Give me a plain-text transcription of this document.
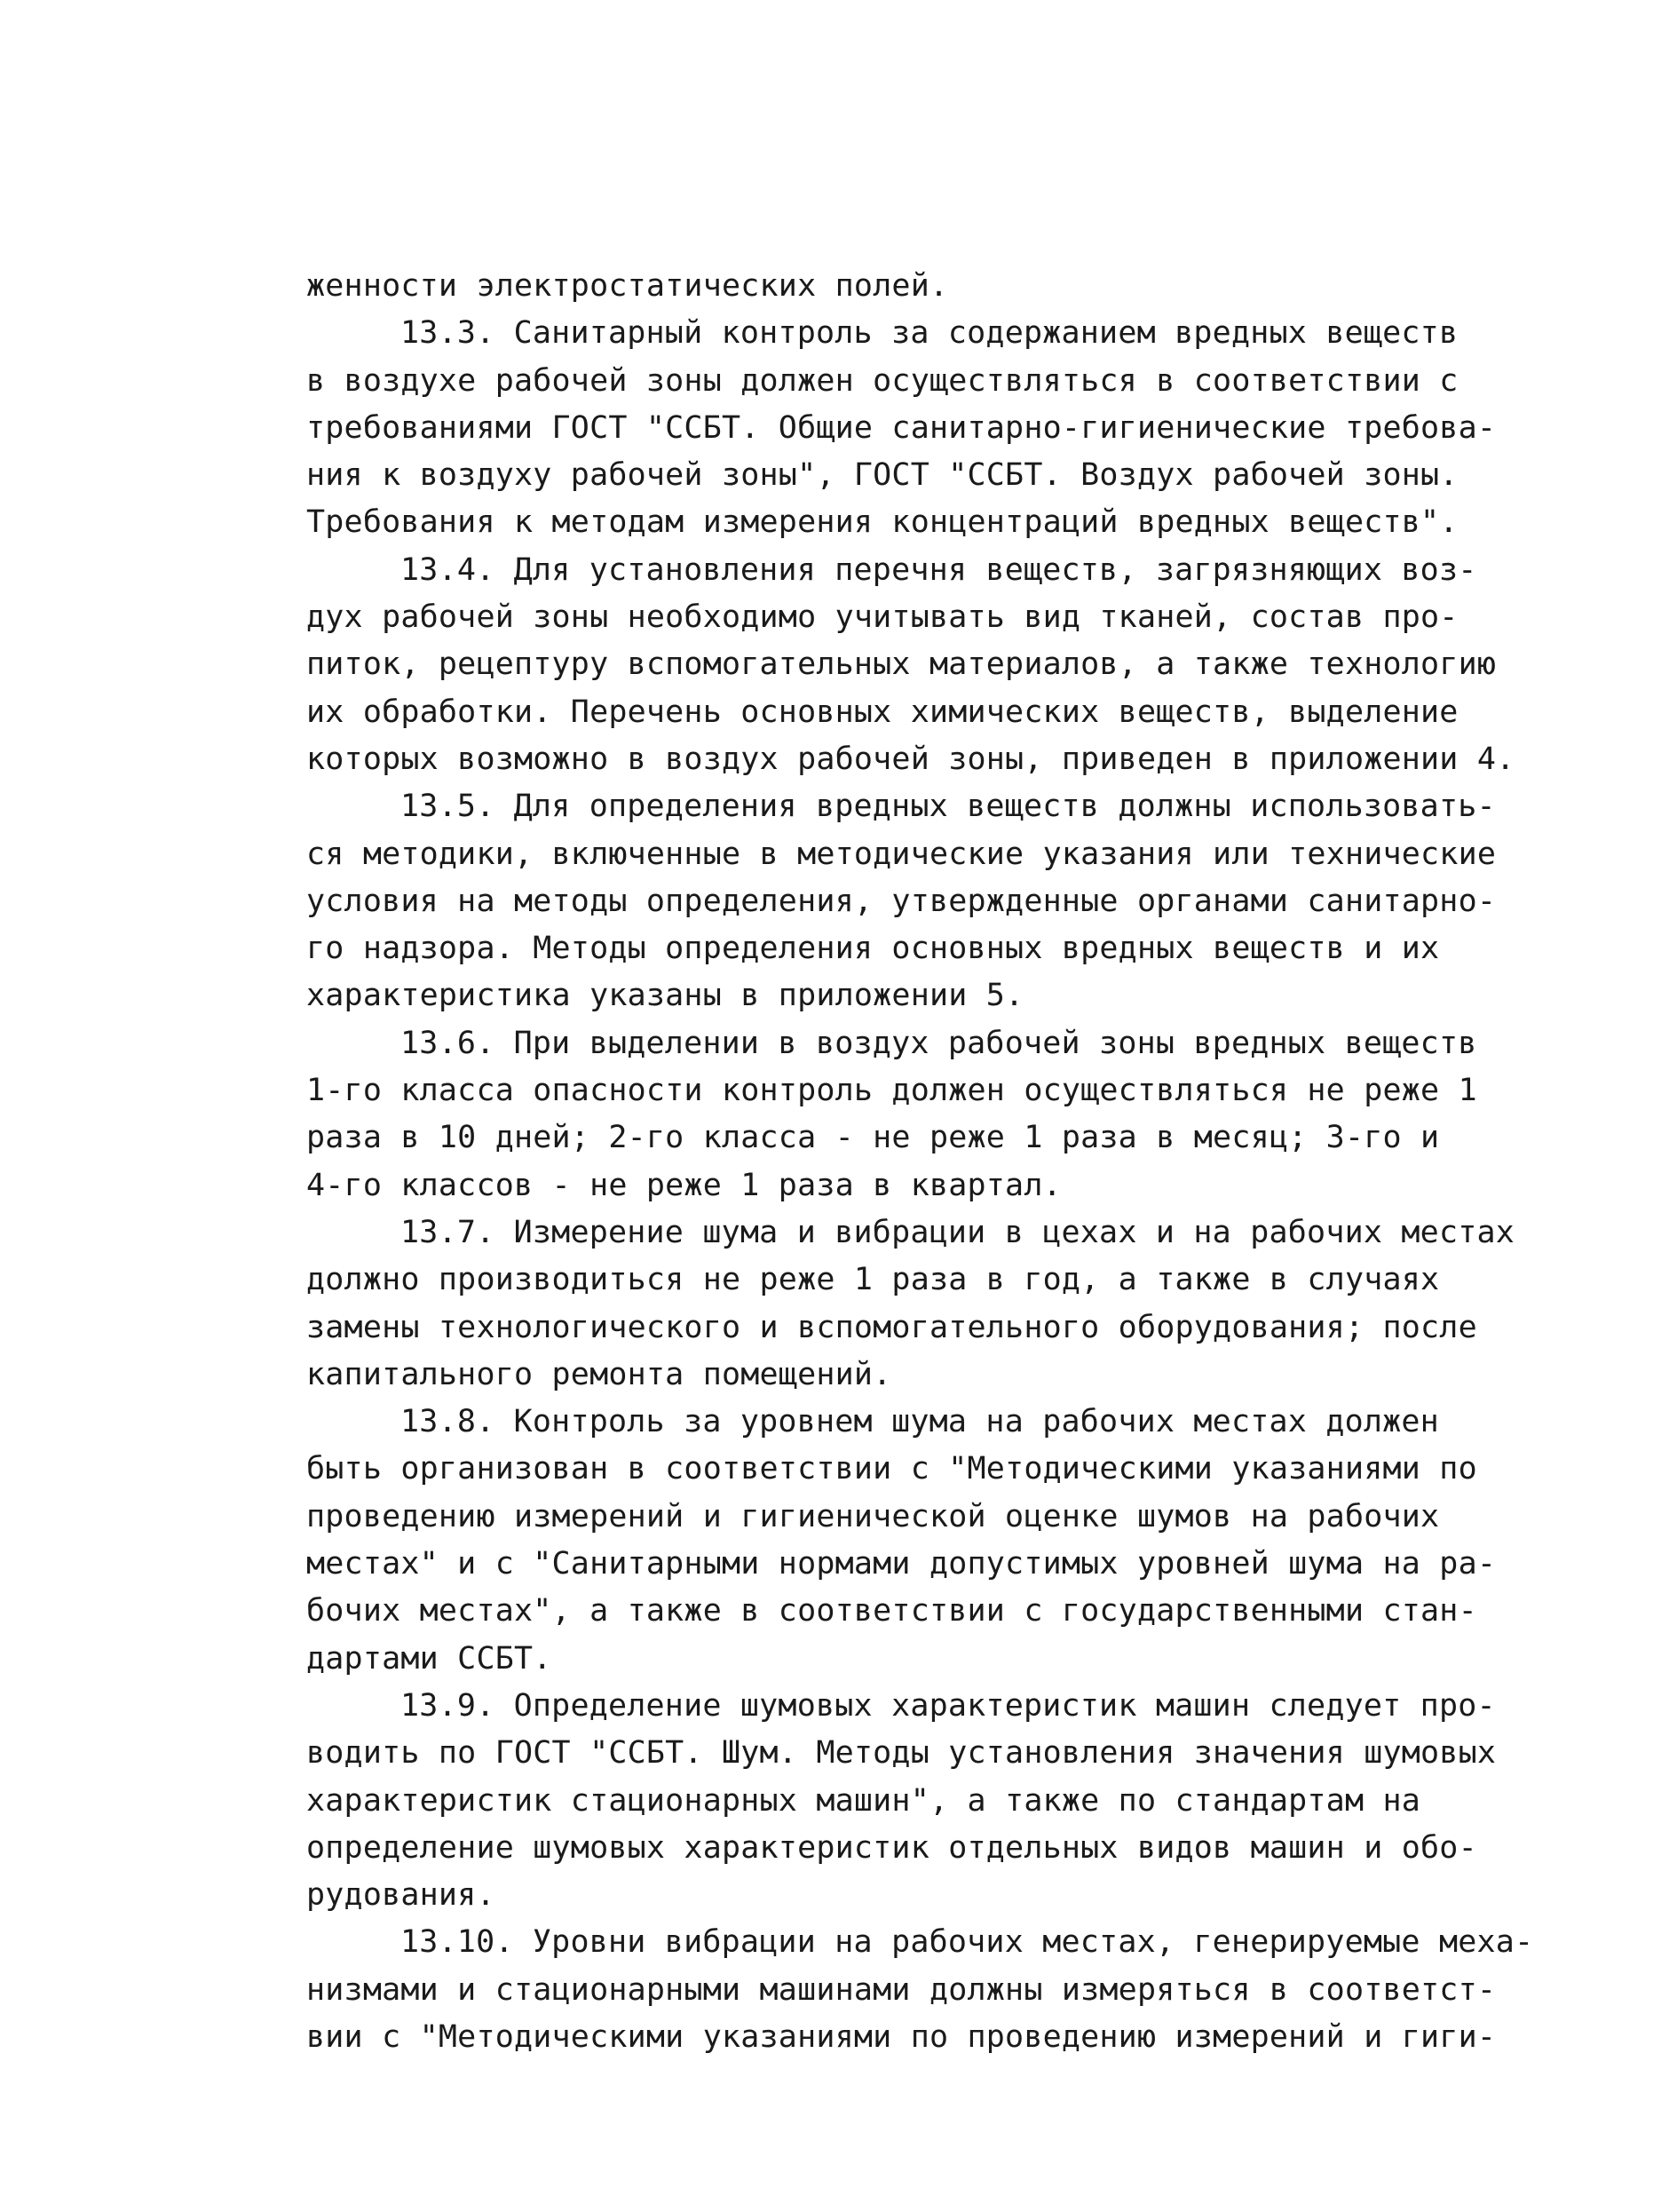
женности электростатических полей.
13.3. Санитарный контроль за содержанием вредных веществ
в воздухе рабочей зоны должен осуществляться в соответствии с
требованиями ГОСТ "ССБТ. Общие санитарно-гигиенические требова-
ния к воздуху рабочей зоны", ГОСТ "ССБТ. Воздух рабочей зоны.
Требования к методам измерения концентраций вредных веществ".
13.4. Для установления перечня веществ, загрязняющих воз-
дух рабочей зоны необходимо учитывать вид тканей, состав про-
питок, рецептуру вспомогательных материалов, а также технологию
их обработки. Перечень основных химических веществ, выделение
которых возможно в воздух рабочей зоны, приведен в приложении 4.
13.5. Для определения вредных веществ должны использовать-
ся методики, включенные в методические указания или технические
условия на методы определения, утвержденные органами санитарно-
го надзора. Методы определения основных вредных веществ и их
характеристика указаны в приложении 5.
13.6. При выделении в воздух рабочей зоны вредных веществ
1-го класса опасности контроль должен осуществляться не реже 1
раза в 10 дней; 2-го класса - не реже 1 раза в месяц; 3-го и
4-го классов - не реже 1 раза в квартал.
13.7. Измерение шума и вибрации в цехах и на рабочих местах
должно производиться не реже 1 раза в год, а также в случаях
замены технологического и вспомогательного оборудования; после
капитального ремонта помещений.
13.8. Контроль за уровнем шума на рабочих местах должен
быть организован в соответствии с "Методическими указаниями по
проведению измерений и гигиенической оценке шумов на рабочих
местах" и с "Санитарными нормами допустимых уровней шума на ра-
бочих местах", а также в соответствии с государственными стан-
дартами ССБТ.
13.9. Определение шумовых характеристик машин следует про-
водить по ГОСТ "ССБТ. Шум. Методы установления значения шумовых
характеристик стационарных машин", а также по стандартам на
определение шумовых характеристик отдельных видов машин и обо-
рудования.
13.10. Уровни вибрации на рабочих местах, генерируемые меха-
низмами и стационарными машинами должны измеряться в соответст-
вии с "Методическими указаниями по проведению измерений и гиги-
